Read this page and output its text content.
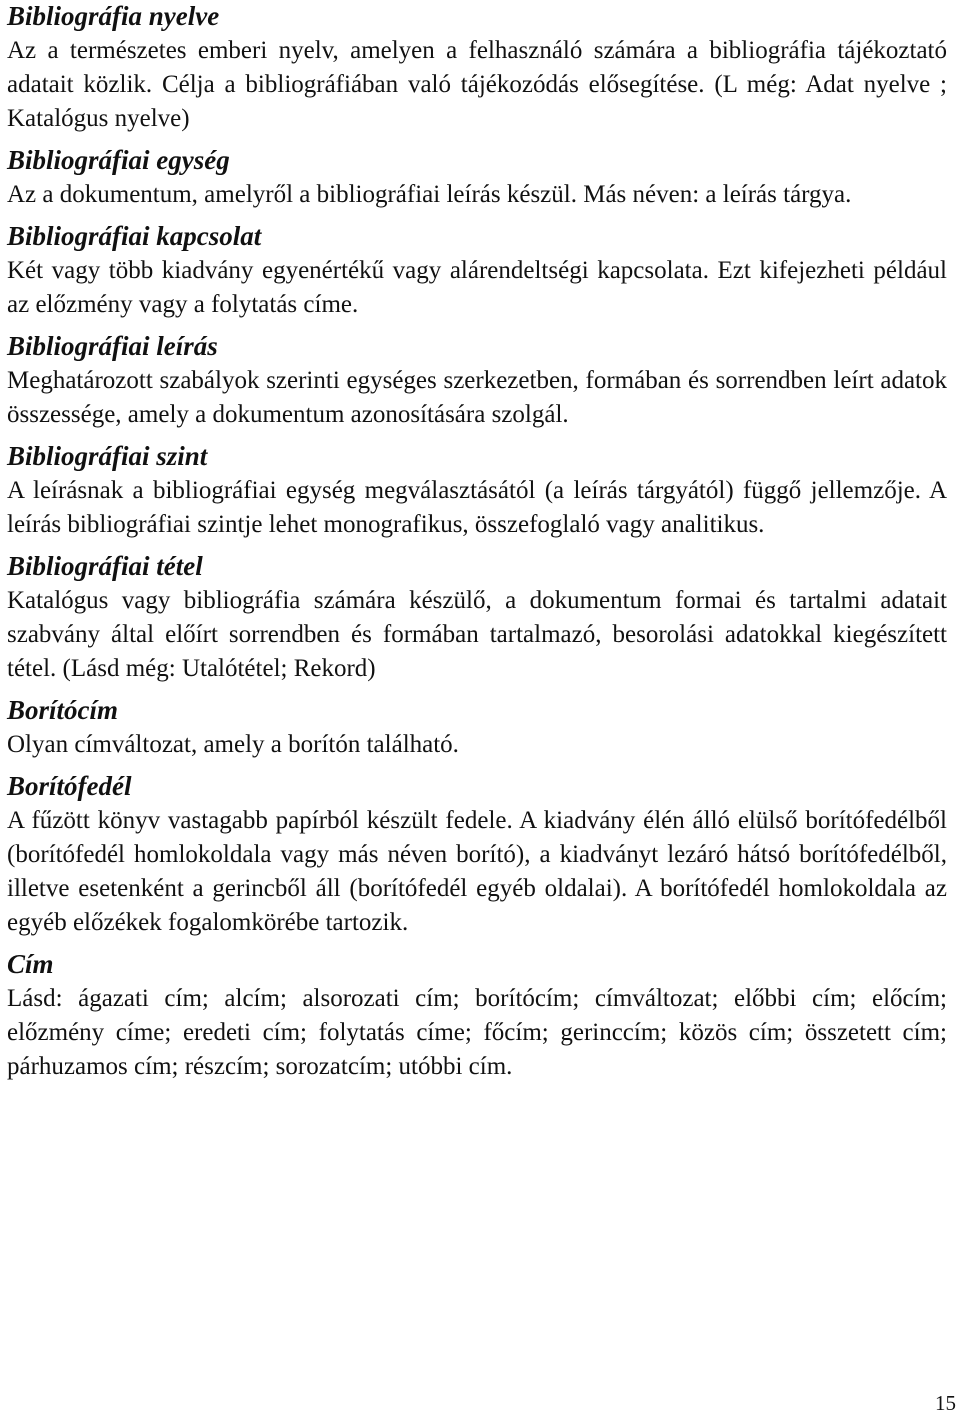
Bibliográfia nyelve

Az a természetes emberi nyelv, amelyen a felhasználó számára a bibliográfia tájékoztató adatait közlik. Célja a bibliográfiában való tájékozódás elősegítése. (L még: Adat nyelve ; Katalógus nyelve)

Bibliográfiai egység

Az a dokumentum, amelyről a bibliográfiai leírás készül. Más néven: a leírás tárgya.

Bibliográfiai kapcsolat

Két vagy több kiadvány egyenértékű vagy alárendeltségi kapcsolata. Ezt kifejezheti például az előzmény vagy a folytatás címe.

Bibliográfiai leírás

Meghatározott szabályok szerinti egységes szerkezetben, formában és sorrendben leírt adatok összessége, amely a dokumentum azonosítására szolgál.

Bibliográfiai szint

A leírásnak a bibliográfiai egység megválasztásától (a leírás tárgyától) függő jellemzője. A leírás bibliográfiai szintje lehet monografikus, összefoglaló vagy analitikus.

Bibliográfiai tétel

Katalógus vagy bibliográfia számára készülő, a dokumentum formai és tartalmi adatait szabvány által előírt sorrendben és formában tartalmazó, besorolási adatokkal kiegészített tétel. (Lásd még: Utalótétel; Rekord)

Borítócím

Olyan címváltozat, amely a borítón található.

Borítófedél

A fűzött könyv vastagabb papírból készült fedele. A kiadvány élén álló elülső borítófedélből (borítófedél homlokoldala vagy más néven borító), a kiadványt lezáró hátsó borítófedélből, illetve esetenként a gerincből áll (borítófedél egyéb oldalai). A borítófedél homlokoldala az egyéb előzékek fogalomkörébe tartozik.

Cím

Lásd: ágazati cím; alcím; alsorozati cím; borítócím; címváltozat; előbbi cím; előcím; előzmény címe; eredeti cím; folytatás címe; főcím; gerinccím; közös cím; összetett cím; párhuzamos cím; részcím; sorozatcím; utóbbi cím.

15
